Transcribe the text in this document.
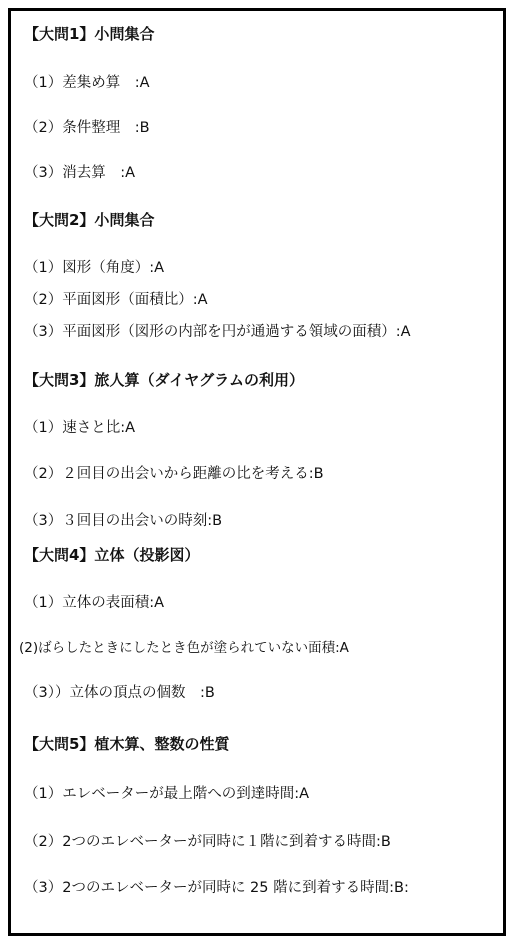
【大問1】小問集合
（1）差集め算　:A
（2）条件整理　:B
（3）消去算　:A
【大問2】小問集合
（1）図形（角度）:A
（2）平面図形（面積比）:A
（3）平面図形（図形の内部を円が通過する領域の面積）:A
【大問3】旅人算（ダイヤグラムの利用）
（1）速さと比:A
（2）２回目の出会いから距離の比を考える:B
（3）３回目の出会いの時刻:B
【大問4】立体（投影図）
（1）立体の表面積:A
(2)ばらしたときにしたとき色が塗られていない面積:A
（3））立体の頂点の個数　:B
【大問5】植木算、整数の性質
（1）エレベーターが最上階への到達時間:A
（2）2つのエレベーターが同時に１階に到着する時間:B
（3）2つのエレベーターが同時に 25 階に到着する時間:B:
